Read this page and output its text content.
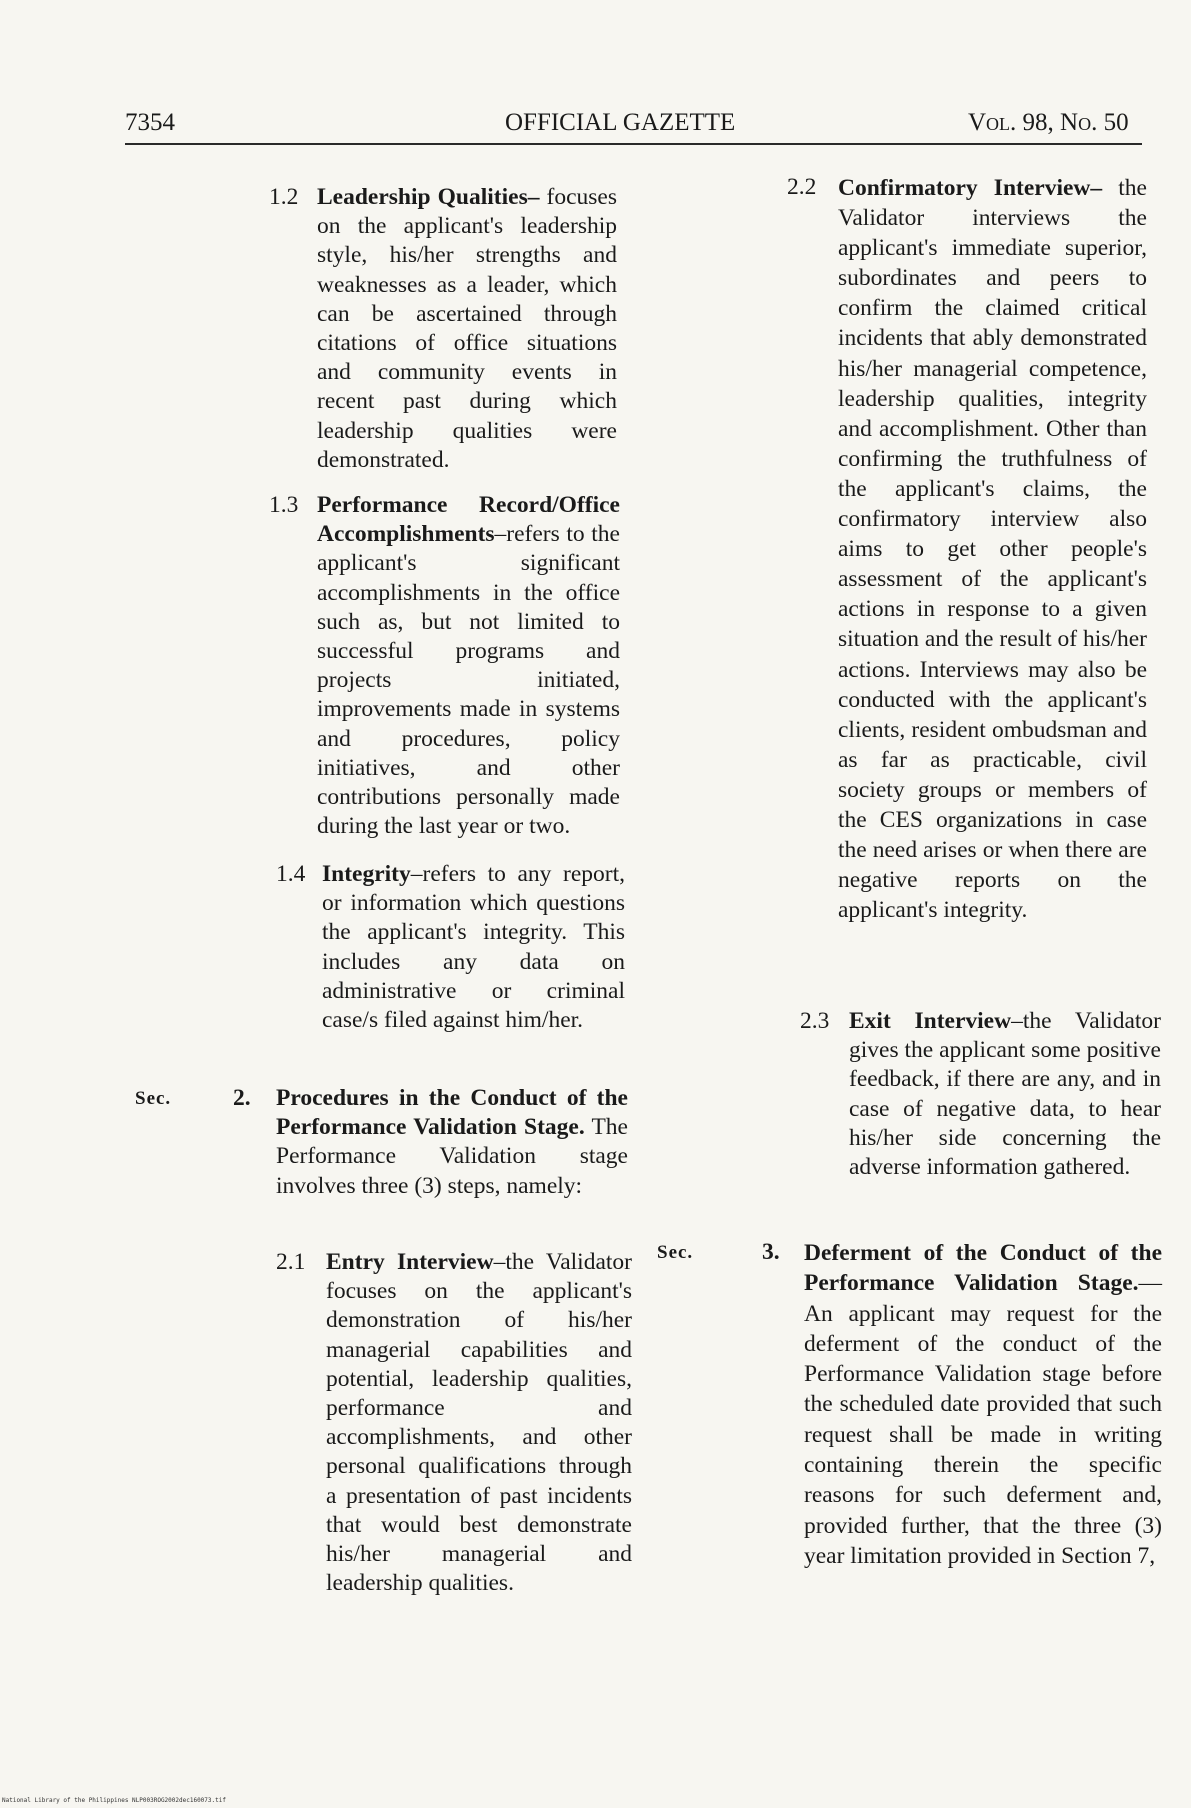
7354	OFFICIAL GAZETTE	Vol. 98, No. 50
1.2 Leadership Qualities– focuses on the applicant's leadership style, his/her strengths and weaknesses as a leader, which can be ascertained through citations of office situations and community events in recent past during which leadership qualities were demonstrated.

1.3 Performance Record/Office Accomplishments–refers to the applicant's significant accomplishments in the office such as, but not limited to successful programs and projects initiated, improvements made in systems and procedures, policy initiatives, and other contributions personally made during the last year or two.

1.4 Integrity–refers to any report, or information which questions the applicant's integrity. This includes any data on administrative or criminal case/s filed against him/her.

Sec.	2. Procedures in the Conduct of the Performance Validation Stage. The Performance Validation stage involves three (3) steps, namely:

2.1 Entry Interview–the Validator focuses on the applicant's demonstration of his/her managerial capabilities and potential, leadership qualities, performance and accomplishments, and other personal qualifications through a presentation of past incidents that would best demonstrate his/her managerial and leadership qualities.

2.2 Confirmatory Interview– the Validator interviews the applicant's immediate superior, subordinates and peers to confirm the claimed critical incidents that ably demonstrated his/her managerial competence, leadership qualities, integrity and accomplishment. Other than confirming the truthfulness of the applicant's claims, the confirmatory interview also aims to get other people's assessment of the applicant's actions in response to a given situation and the result of his/her actions. Interviews may also be conducted with the applicant's clients, resident ombudsman and as far as practicable, civil society groups or members of the CES organizations in case the need arises or when there are negative reports on the applicant's integrity.

2.3 Exit Interview–the Validator gives the applicant some positive feedback, if there are any, and in case of negative data, to hear his/her side concerning the adverse information gathered.

Sec.	3. Deferment of the Conduct of the Performance Validation Stage.—An applicant may request for the deferment of the conduct of the Performance Validation stage before the scheduled date provided that such request shall be made in writing containing therein the specific reasons for such deferment and, provided further, that the three (3) year limitation provided in Section 7,

National Library of the Philippines NLP003ROG2002dec160073.tif
